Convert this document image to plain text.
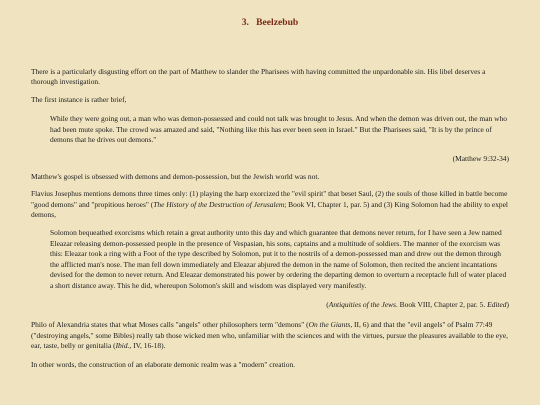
3.   Beelzebub

There is a particularly disgusting effort on the part of Matthew to slander the Pharisees with having committed the unpardonable sin. His libel deserves a thorough investigation.

The first instance is rather brief,

While they were going out, a man who was demon-possessed and could not talk was brought to Jesus. And when the demon was driven out, the man who had been mute spoke. The crowd was amazed and said, "Nothing like this has ever been seen in Israel." But the Pharisees said, "It is by the prince of demons that he drives out demons."

(Matthew 9:32-34)

Matthew's gospel is obsessed with demons and demon-possession, but the Jewish world was not.

Flavius Josephus mentions demons three times only: (1) playing the harp exorcized the "evil spirit" that beset Saul, (2) the souls of those killed in battle become "good demons" and "propitious heroes" (The History of the Destruction of Jerusalem; Book VI, Chapter 1, par. 5) and (3) King Solomon had the ability to expel demons,

Solomon bequeathed exorcisms which retain a great authority unto this day and which guarantee that demons never return, for I have seen a Jew named Eleazar releasing demon-possessed people in the presence of Vespasian, his sons, captains and a multitude of soldiers. The manner of the exorcism was this: Eleazar took a ring with a Foot of the type described by Solomon, put it to the nostrils of a demon-possessed man and drew out the demon through the afflicted man's nose. The man fell down immediately and Eleazar abjured the demon in the name of Solomon, then recited the ancient incantations devised for the demon to never return. And Eleazar demonstrated his power by ordering the departing demon to overturn a receptacle full of water placed a short distance away. This he did, whereupon Solomon's skill and wisdom was displayed very manifestly.

(Antiquities of the Jews. Book VIII, Chapter 2, par. 5. Edited)

Philo of Alexandria states that what Moses calls "angels" other philosophers term "demons" (On the Giants, II, 6) and that the "evil angels" of Psalm 77:49 ("destroying angels," some Bibles) really tab those wicked men who, unfamiliar with the sciences and with the virtues, pursue the pleasures available to the eye, ear, taste, belly or genitalia (Ibid., IV, 16-18).

In other words, the construction of an elaborate demonic realm was a "modern" creation.
